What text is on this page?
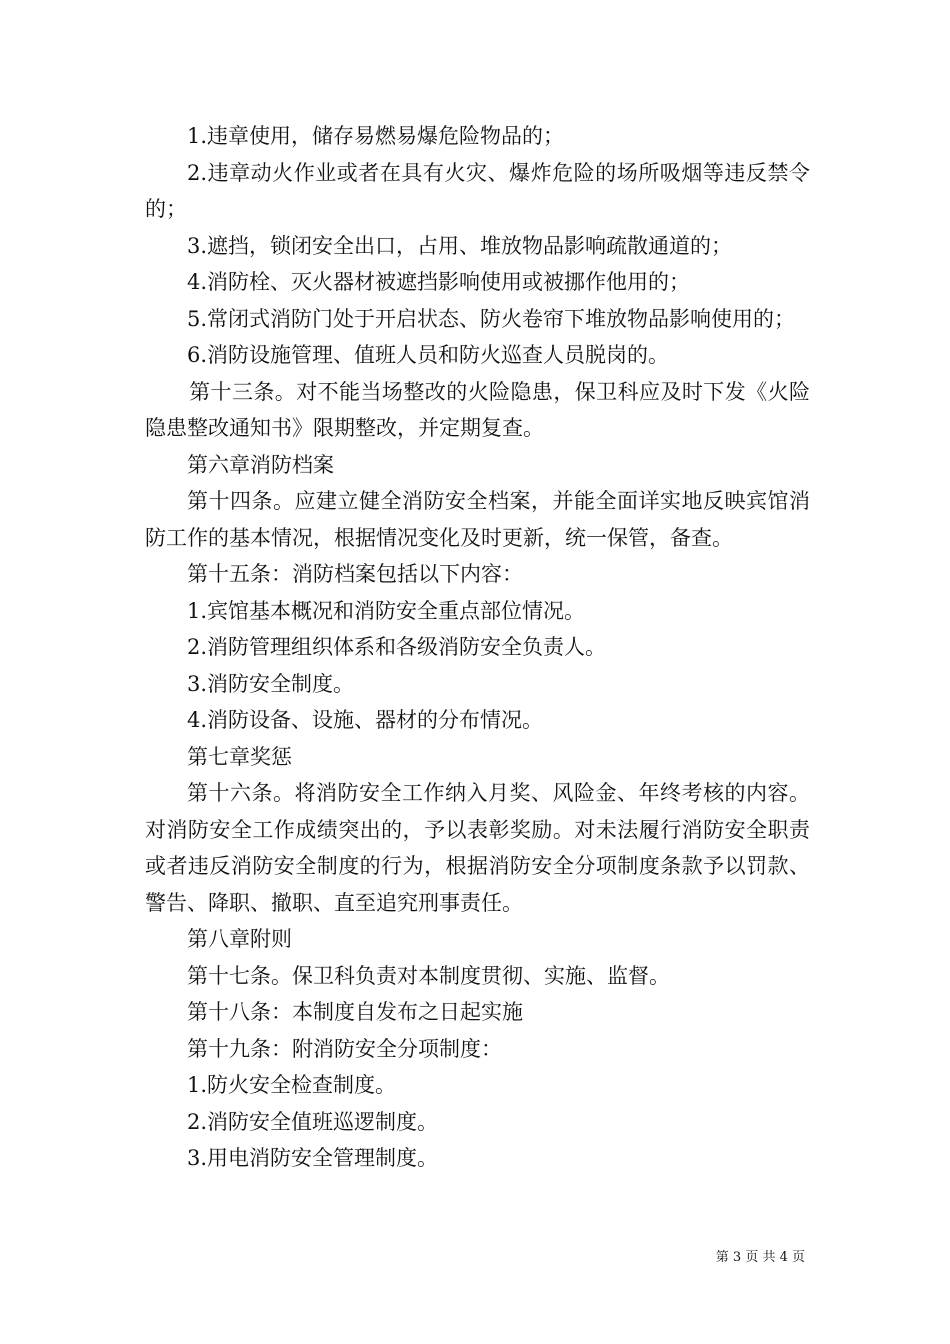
1.违章使用，储存易燃易爆危险物品的；

2.违章动火作业或者在具有火灾、爆炸危险的场所吸烟等违反禁令的；

3.遮挡，锁闭安全出口，占用、堆放物品影响疏散通道的；

4.消防栓、灭火器材被遮挡影响使用或被挪作他用的；

5.常闭式消防门处于开启状态、防火卷帘下堆放物品影响使用的；

6.消防设施管理、值班人员和防火巡查人员脱岗的。

第十三条。对不能当场整改的火险隐患，保卫科应及时下发《火险隐患整改通知书》限期整改，并定期复查。

第六章消防档案

第十四条。应建立健全消防安全档案，并能全面详实地反映宾馆消防工作的基本情况，根据情况变化及时更新，统一保管，备查。

第十五条：消防档案包括以下内容：

1.宾馆基本概况和消防安全重点部位情况。

2.消防管理组织体系和各级消防安全负责人。

3.消防安全制度。

4.消防设备、设施、器材的分布情况。

第七章奖惩

第十六条。将消防安全工作纳入月奖、风险金、年终考核的内容。对消防安全工作成绩突出的，予以表彰奖励。对未法履行消防安全职责或者违反消防安全制度的行为，根据消防安全分项制度条款予以罚款、警告、降职、撤职、直至追究刑事责任。

第八章附则

第十七条。保卫科负责对本制度贯彻、实施、监督。

第十八条：本制度自发布之日起实施

第十九条：附消防安全分项制度：

1.防火安全检查制度。

2.消防安全值班巡逻制度。

3.用电消防安全管理制度。

第 3 页 共 4 页
